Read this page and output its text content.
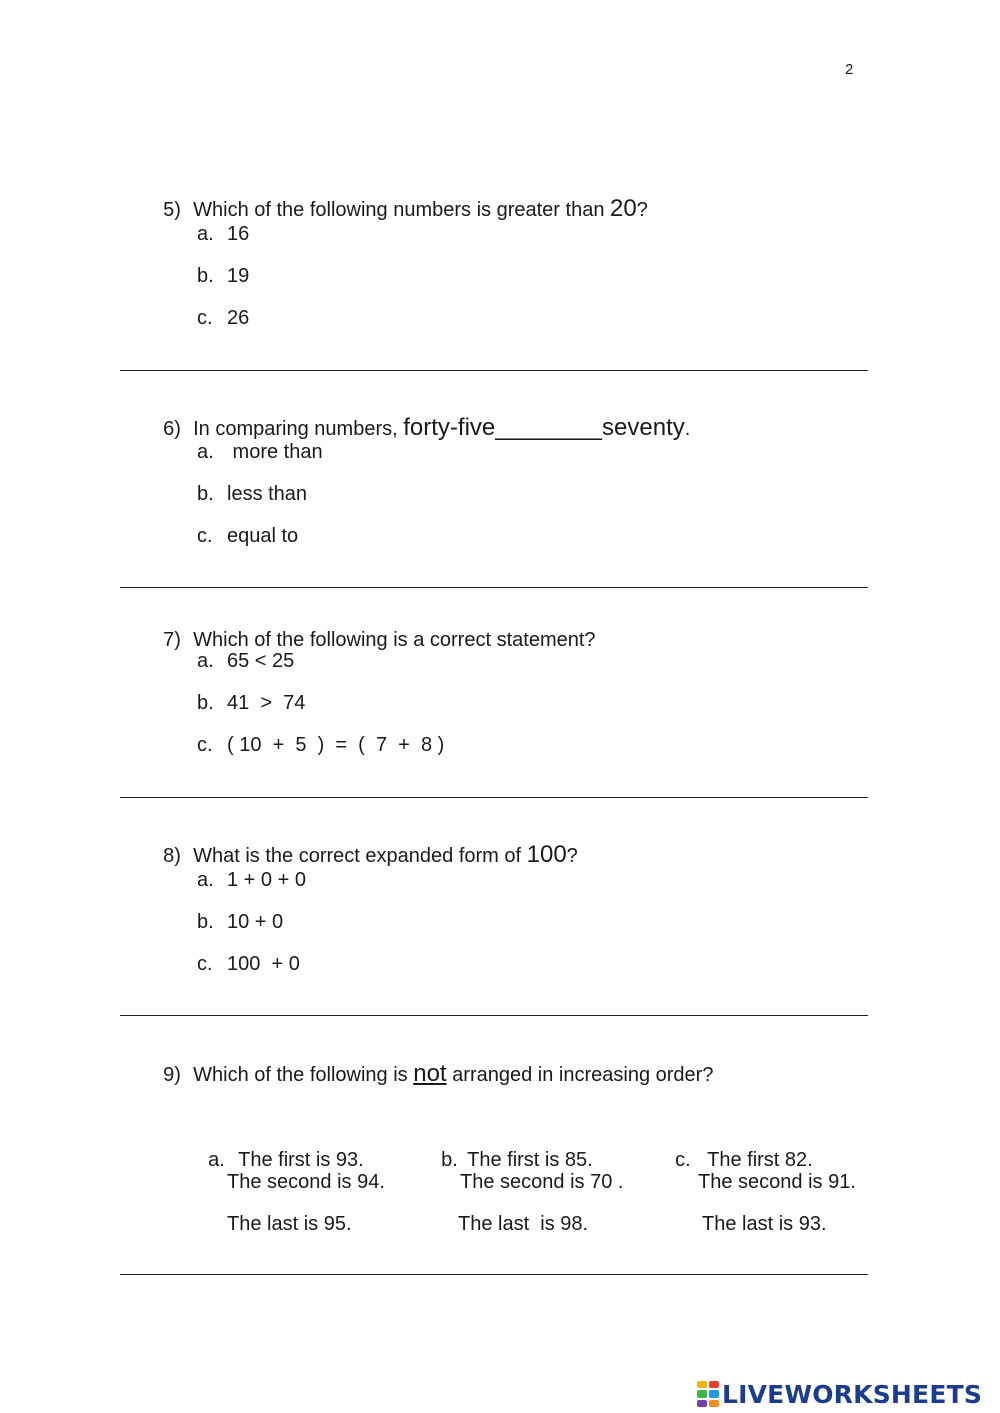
2

5) Which of the following numbers is greater than 20?

a. 16
b. 19
c. 26

6) In comparing numbers, forty-five________seventy.

a. more than
b. less than
c. equal to

7) Which of the following is a correct statement?

a. 65 < 25
b. 41  >  74
c. ( 10  +  5  )  =  (  7  +  8 )

8) What is the correct expanded form of 100?

a. 1 + 0 + 0
b. 10 + 0
c. 100  + 0

9) Which of the following is not arranged in increasing order?

a. The first is 93.

The second is 94.
The last is 95.

b. The first is 85.

The second is 70 .
The last  is 98.

c. The first 82.

The second is 91.
The last is 93.
LIVEWORKSHEETS
